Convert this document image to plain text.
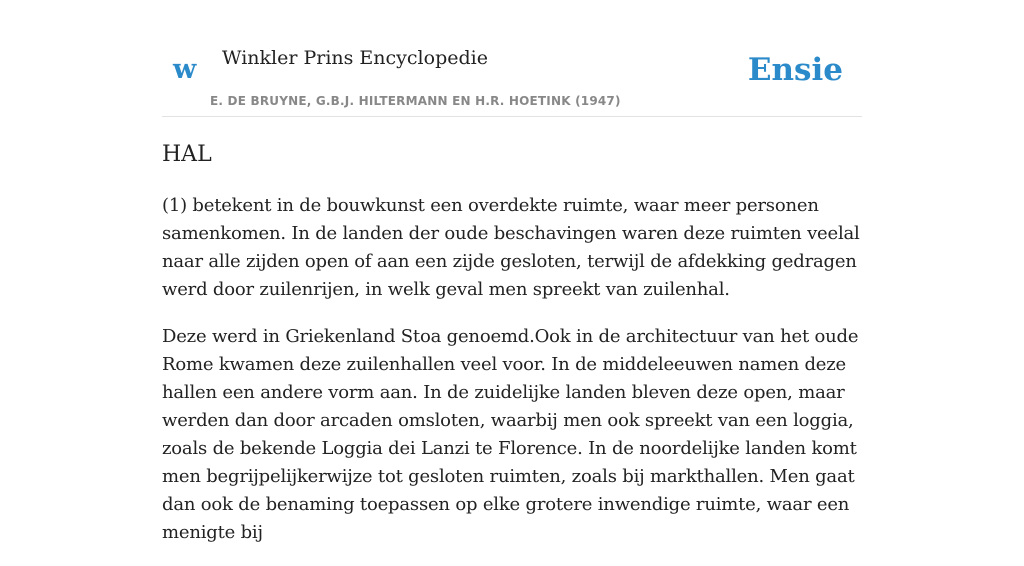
w Winkler Prins Encyclopedie
E. DE BRUYNE, G.B.J. HILTERMANN EN H.R. HOETINK (1947)
Ensie
HAL

(1) betekent in de bouwkunst een overdekte ruimte, waar meer personen samenkomen. In de landen der oude beschavingen waren deze ruimten veelal naar alle zijden open of aan een zijde gesloten, terwijl de afdekking gedragen werd door zuilenrijen, in welk geval men spreekt van zuilenhal.

Deze werd in Griekenland Stoa genoemd.Ook in de architectuur van het oude Rome kwamen deze zuilenhallen veel voor. In de middeleeuwen namen deze hallen een andere vorm aan. In de zuidelijke landen bleven deze open, maar werden dan door arcaden omsloten, waarbij men ook spreekt van een loggia, zoals de bekende Loggia dei Lanzi te Florence. In de noordelijke landen komt men begrijpelijkerwijze tot gesloten ruimten, zoals bij markthallen. Men gaat dan ook de benaming toepassen op elke grotere inwendige ruimte, waar een menigte bij
